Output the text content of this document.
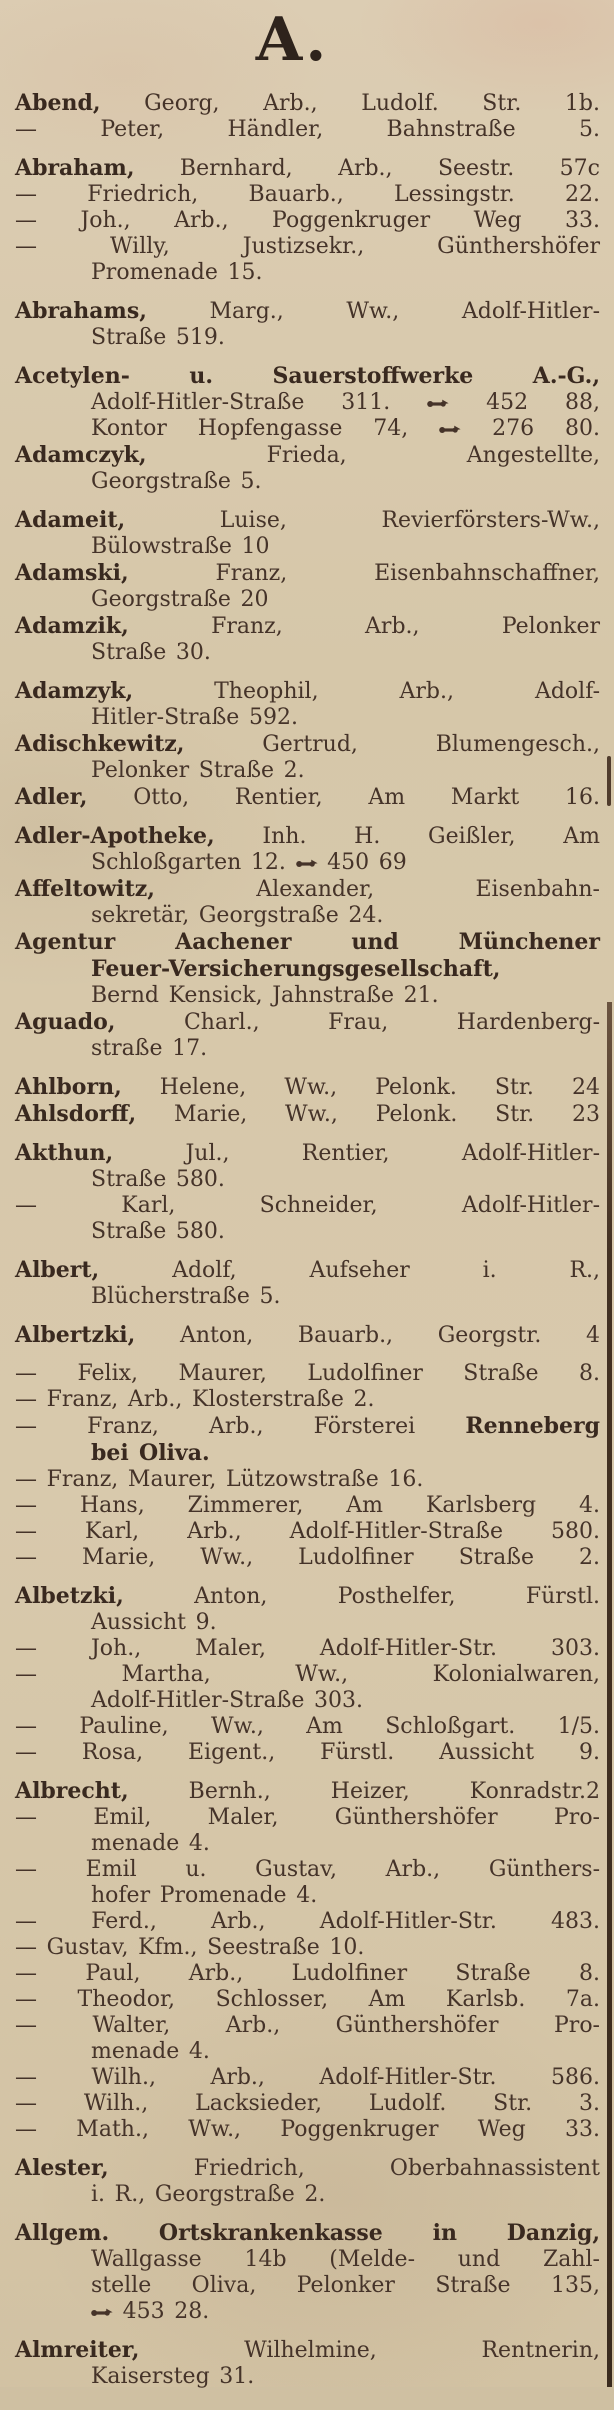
A.
Abend, Georg, Arb., Ludolf. Str. 1b.
— Peter, Händler, Bahnstraße 5.
Abraham, Bernhard, Arb., Seestr. 57c
— Friedrich, Bauarb., Lessingstr. 22.
— Joh., Arb., Poggenkruger Weg 33.
— Willy, Justizsekr., Günthershöfer
Promenade 15.
Abrahams, Marg., Ww., Adolf-Hitler-
Straße 519.
Acetylen- u. Sauerstoffwerke A.-G.,
Adolf-Hitler-Straße 311.  452 88,
Kontor Hopfengasse 74,  276 80.
Adamczyk, Frieda, Angestellte,
Georgstraße 5.
Adameit, Luise, Revierförsters-Ww.,
Bülowstraße 10
Adamski, Franz, Eisenbahnschaffner,
Georgstraße 20
Adamzik, Franz, Arb., Pelonker
Straße 30.
Adamzyk, Theophil, Arb., Adolf-
Hitler-Straße 592.
Adischkewitz, Gertrud, Blumengesch.,
Pelonker Straße 2.
Adler, Otto, Rentier, Am Markt 16.
Adler-Apotheke, Inh. H. Geißler, Am
Schloßgarten 12.  450 69
Affeltowitz, Alexander, Eisenbahn-
sekretär, Georgstraße 24.
Agentur Aachener und Münchener
Feuer-Versicherungsgesellschaft,
Bernd Kensick, Jahnstraße 21.
Aguado, Charl., Frau, Hardenberg-
straße 17.
Ahlborn, Helene, Ww., Pelonk. Str. 24
Ahlsdorff, Marie, Ww., Pelonk. Str. 23
Akthun, Jul., Rentier, Adolf-Hitler-
Straße 580.
— Karl, Schneider, Adolf-Hitler-
Straße 580.
Albert, Adolf, Aufseher i. R.,
Blücherstraße 5.
Albertzki, Anton, Bauarb., Georgstr. 4
— Felix, Maurer, Ludolfiner Straße 8.
— Franz, Arb., Klosterstraße 2.
— Franz, Arb., Försterei Renneberg
bei Oliva.
— Franz, Maurer, Lützowstraße 16.
— Hans, Zimmerer, Am Karlsberg 4.
— Karl, Arb., Adolf-Hitler-Straße 580.
— Marie, Ww., Ludolfiner Straße 2.
Albetzki, Anton, Posthelfer, Fürstl.
Aussicht 9.
— Joh., Maler, Adolf-Hitler-Str. 303.
— Martha, Ww., Kolonialwaren,
Adolf-Hitler-Straße 303.
— Pauline, Ww., Am Schloßgart. 1/5.
— Rosa, Eigent., Fürstl. Aussicht 9.
Albrecht, Bernh., Heizer, Konradstr.2
— Emil, Maler, Günthershöfer Pro-
menade 4.
— Emil u. Gustav, Arb., Günthers-
hofer Promenade 4.
— Ferd., Arb., Adolf-Hitler-Str. 483.
— Gustav, Kfm., Seestraße 10.
— Paul, Arb., Ludolfiner Straße 8.
— Theodor, Schlosser, Am Karlsb. 7a.
— Walter, Arb., Günthershöfer Pro-
menade 4.
— Wilh., Arb., Adolf-Hitler-Str. 586.
— Wilh., Lacksieder, Ludolf. Str. 3.
— Math., Ww., Poggenkruger Weg 33.
Alester, Friedrich, Oberbahnassistent
i. R., Georgstraße 2.
Allgem. Ortskrankenkasse in Danzig,
Wallgasse 14b (Melde- und Zahl-
stelle Oliva, Pelonker Straße 135,
453 28.
Almreiter, Wilhelmine, Rentnerin,
Kaisersteg 31.
